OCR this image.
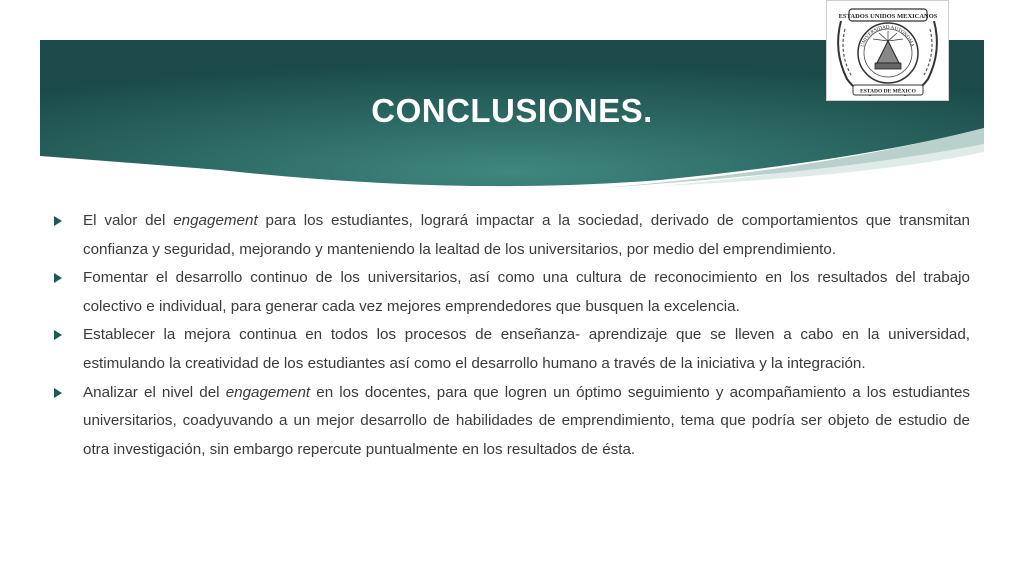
CONCLUSIONES.
ESTADOS UNIDOS MEXICANOS
UNIVERSIDAD AUTÓNOMA
ESTADO DE MÉXICO
El valor del engagement para los estudiantes, logrará impactar a la sociedad, derivado de comportamientos que transmitan confianza y seguridad, mejorando y manteniendo la lealtad de los universitarios, por medio del emprendimiento.
Fomentar el desarrollo continuo de los universitarios, así como una cultura de reconocimiento en los resultados del trabajo colectivo e individual, para generar cada vez mejores emprendedores que busquen la excelencia.
Establecer la mejora continua en todos los procesos de enseñanza- aprendizaje que se lleven a cabo en la universidad, estimulando la creatividad de los estudiantes así como el desarrollo humano a través de la iniciativa y la integración.
Analizar el nivel del engagement en los docentes, para que logren un óptimo seguimiento y acompañamiento a los estudiantes universitarios, coadyuvando a un mejor desarrollo de habilidades de emprendimiento, tema que podría ser objeto de estudio de otra investigación, sin embargo repercute puntualmente en los resultados de ésta.
